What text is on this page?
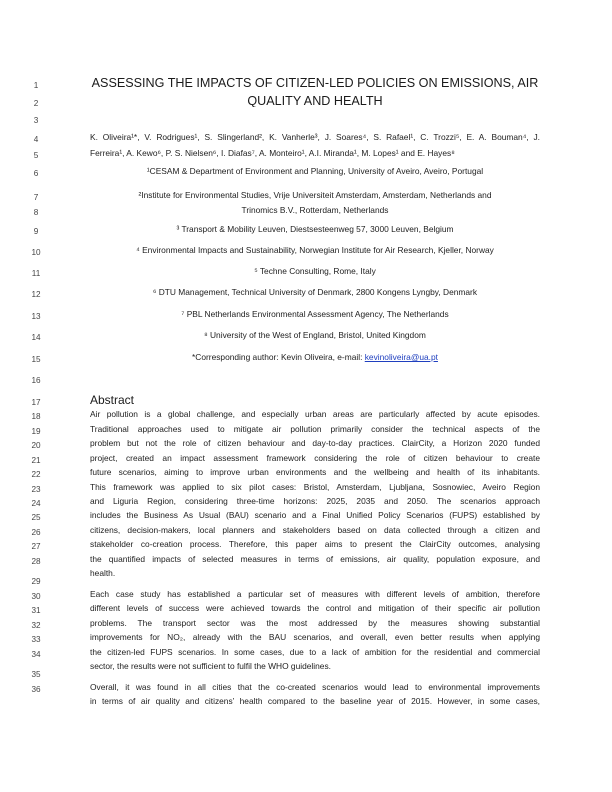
1
2
3
4
5
6
7
8
9
10
11
12
13
14
15
16
17
18
19
20
21
22
23
24
25
26
27
28
29
30
31
32
33
34
35
36
ASSESSING THE IMPACTS OF CITIZEN-LED POLICIES ON EMISSIONS, AIR
QUALITY AND HEALTH
K. Oliveira¹*, V. Rodrigues¹, S. Slingerland², K. Vanherle³, J. Soares⁴, S. Rafael¹, C. Trozzi⁵, E. A. Bouman⁴, J.
Ferreira¹, A. Kewo⁶, P. S. Nielsen⁶, I. Diafas⁷, A. Monteiro¹, A.I. Miranda¹, M. Lopes¹ and E. Hayes⁸
¹CESAM & Department of Environment and Planning, University of Aveiro, Aveiro, Portugal
²Institute for Environmental Studies, Vrije Universiteit Amsterdam, Amsterdam, Netherlands and
Trinomics B.V., Rotterdam, Netherlands
³ Transport & Mobility Leuven, Diestsesteenweg 57, 3000 Leuven, Belgium
⁴ Environmental Impacts and Sustainability, Norwegian Institute for Air Research, Kjeller, Norway
⁵ Techne Consulting, Rome, Italy
⁶ DTU Management, Technical University of Denmark, 2800 Kongens Lyngby, Denmark
⁷ PBL Netherlands Environmental Assessment Agency, The Netherlands
⁸ University of the West of England, Bristol, United Kingdom
*Corresponding author: Kevin Oliveira, e-mail: kevinoliveira@ua.pt
Abstract
Air pollution is a global challenge, and especially urban areas are particularly affected by acute episodes.
Traditional approaches used to mitigate air pollution primarily consider the technical aspects of the
problem but not the role of citizen behaviour and day-to-day practices. ClairCity, a Horizon 2020 funded
project, created an impact assessment framework considering the role of citizen behaviour to create
future scenarios, aiming to improve urban environments and the wellbeing and health of its inhabitants.
This framework was applied to six pilot cases: Bristol, Amsterdam, Ljubljana, Sosnowiec, Aveiro Region
and Liguria Region, considering three-time horizons: 2025, 2035 and 2050. The scenarios approach
includes the Business As Usual (BAU) scenario and a Final Unified Policy Scenarios (FUPS) established by
citizens, decision-makers, local planners and stakeholders based on data collected through a citizen and
stakeholder co-creation process. Therefore, this paper aims to present the ClairCity outcomes, analysing
the quantified impacts of selected measures in terms of emissions, air quality, population exposure, and
health.
Each case study has established a particular set of measures with different levels of ambition, therefore
different levels of success were achieved towards the control and mitigation of their specific air pollution
problems. The transport sector was the most addressed by the measures showing substantial
improvements for NO₂, already with the BAU scenarios, and overall, even better results when applying
the citizen-led FUPS scenarios. In some cases, due to a lack of ambition for the residential and commercial
sector, the results were not sufficient to fulfil the WHO guidelines.
Overall, it was found in all cities that the co-created scenarios would lead to environmental improvements
in terms of air quality and citizens’ health compared to the baseline year of 2015. However, in some cases,
